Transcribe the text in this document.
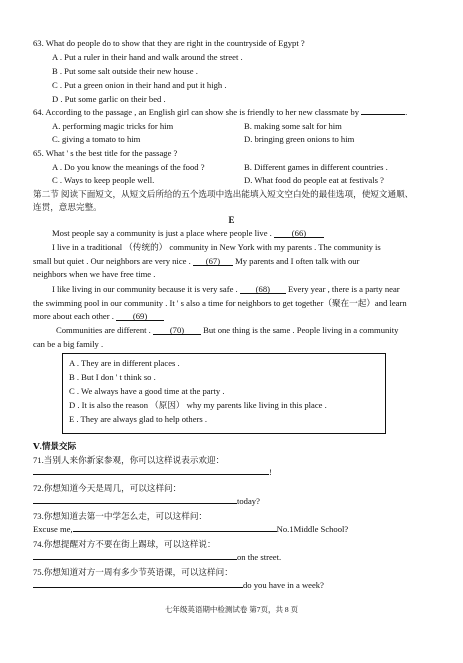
63. What do people do to show that they are right in the countryside of Egypt ?
A . Put a ruler in their hand and walk around the street .
B . Put some salt outside their new house .
C . Put a green onion in their hand and put it high .
D . Put some garlic on their bed .
64. According to the passage , an English girl can show she is friendly to her new classmate by	.
A. performing magic tricks for him	B. making some salt for him
C. giving a tomato to him	D. bringing green onions to him
65. What ' s the best title for the passage ?
A . Do you know the meanings of the food ?	B. Different games in different countries .
C . Ways to keep people well.	D. What food do people eat at festivals ?
第二节 阅读下面短文，从短文后所给的五个选项中选出能填入短文空白处的最佳选项，使短文通顺、
连贯，意思完整。
E
Most people say a community is just a place where people live . (66)
I live in a traditional （传统的） community in New York with my parents . The community is
small but quiet . Our neighbors are very nice . (67) My parents and I often talk with our
neighbors when we have free time .
I like living in our community because it is very safe . (68) Every year , there is a party near
the swimming pool in our community . It ' s also a time for neighbors to get together（聚在一起）and learn
more about each other . (69)
Communities are different . (70) But one thing is the same . People living in a community
can be a big family .
A . They are in different places .
B . But I don ' t think so .
C . We always have a good time at the party .
D . It is also the reason （原因） why my parents like living in this place .
E . They are always glad to help others .
Ⅴ.情景交际
71.当别人来你新家参观，你可以这样说表示欢迎：
!
72.你想知道今天是周几，可以这样问：
today?
73.你想知道去第一中学怎么走，可以这样问：
Excuse me,	No.1Middle School?
74.你想提醒对方不要在街上踢球，可以这样说：
on the street.
75.你想知道对方一周有多少节英语课，可以这样问：
do you have in a week?
七年级英语期中检测试卷 第7页，共 8 页
